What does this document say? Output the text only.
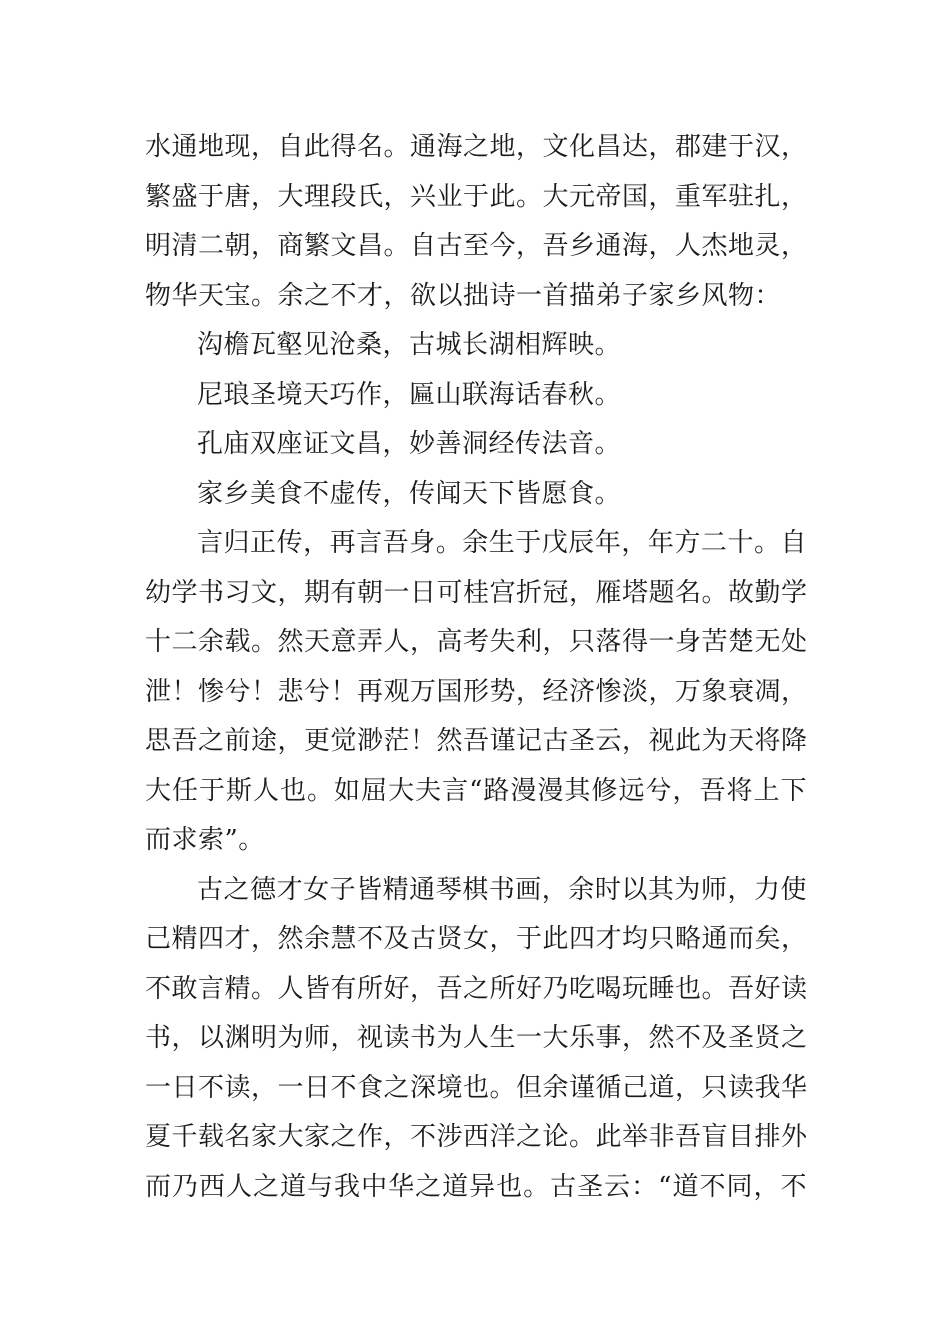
水通地现，自此得名。通海之地，文化昌达，郡建于汉，
繁盛于唐，大理段氏，兴业于此。大元帝国，重军驻扎，
明清二朝，商繁文昌。自古至今，吾乡通海，人杰地灵，
物华天宝。余之不才，欲以拙诗一首描弟子家乡风物：
沟檐瓦壑见沧桑，古城长湖相辉映。
尼琅圣境天巧作，匾山联海话春秋。
孔庙双座证文昌，妙善洞经传法音。
家乡美食不虚传，传闻天下皆愿食。
言归正传，再言吾身。余生于戊辰年，年方二十。自
幼学书习文，期有朝一日可桂宫折冠，雁塔题名。故勤学
十二余载。然天意弄人，高考失利，只落得一身苦楚无处
泄！惨兮！悲兮！再观万国形势，经济惨淡，万象衰凋，
思吾之前途，更觉渺茫！然吾谨记古圣云，视此为天将降
大任于斯人也。如屈大夫言“路漫漫其修远兮，吾将上下
而求索”。
古之德才女子皆精通琴棋书画，余时以其为师，力使
己精四才，然余慧不及古贤女，于此四才均只略通而矣，
不敢言精。人皆有所好，吾之所好乃吃喝玩睡也。吾好读
书，以渊明为师，视读书为人生一大乐事，然不及圣贤之
一日不读，一日不食之深境也。但余谨循己道，只读我华
夏千载名家大家之作，不涉西洋之论。此举非吾盲目排外
而乃西人之道与我中华之道异也。古圣云：“道不同，不
